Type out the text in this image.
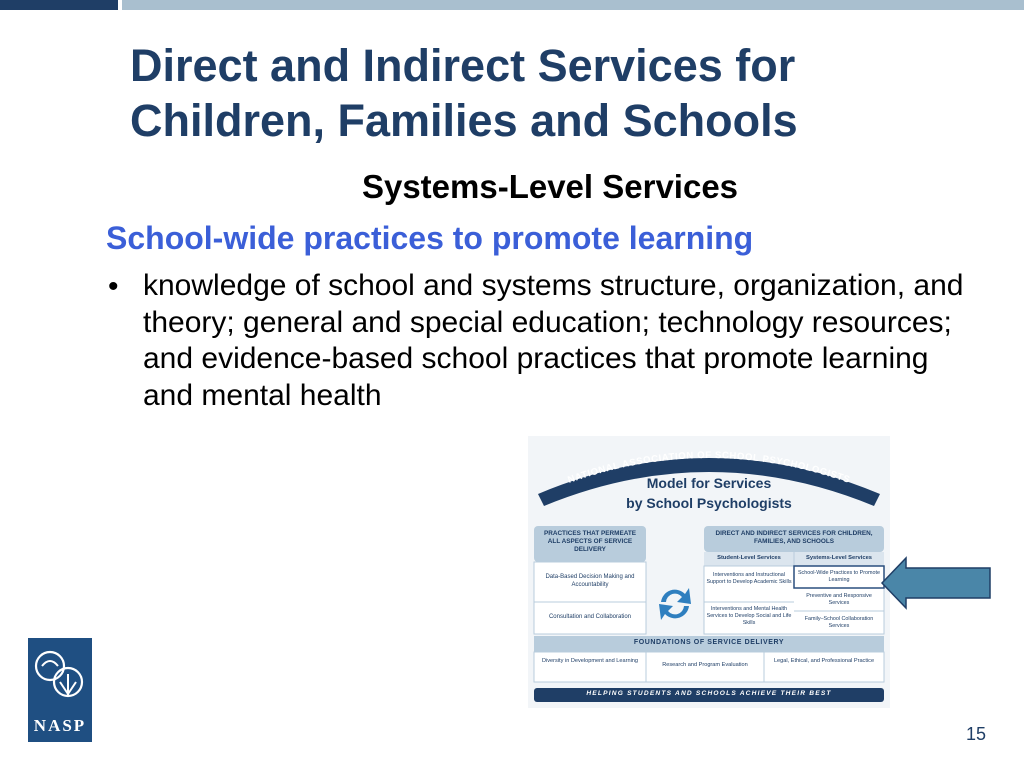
Direct and Indirect Services for Children, Families and Schools
Systems-Level Services
School-wide practices to promote learning
• knowledge of school and systems structure, organization, and theory; general and special education; technology resources; and evidence-based school practices that promote learning and mental health
NATIONAL ASSOCIATION OF SCHOOL PSYCHOLOGISTS
Model for Services
by School Psychologists
PRACTICES THAT PERMEATE ALL ASPECTS OF SERVICE DELIVERY
Data-Based Decision Making and Accountability
Consultation and Collaboration
DIRECT AND INDIRECT SERVICES FOR CHILDREN, FAMILIES, AND SCHOOLS
Student-Level Services	Systems-Level Services
Interventions and Instructional Support to Develop Academic Skills
Interventions and Mental Health Services to Develop Social and Life Skills
School-Wide Practices to Promote Learning
Preventive and Responsive Services
Family–School Collaboration Services
FOUNDATIONS OF SERVICE DELIVERY
Diversity in Development and Learning
Research and Program Evaluation
Legal, Ethical, and Professional Practice
HELPING STUDENTS AND SCHOOLS ACHIEVE THEIR BEST
NASP	15
